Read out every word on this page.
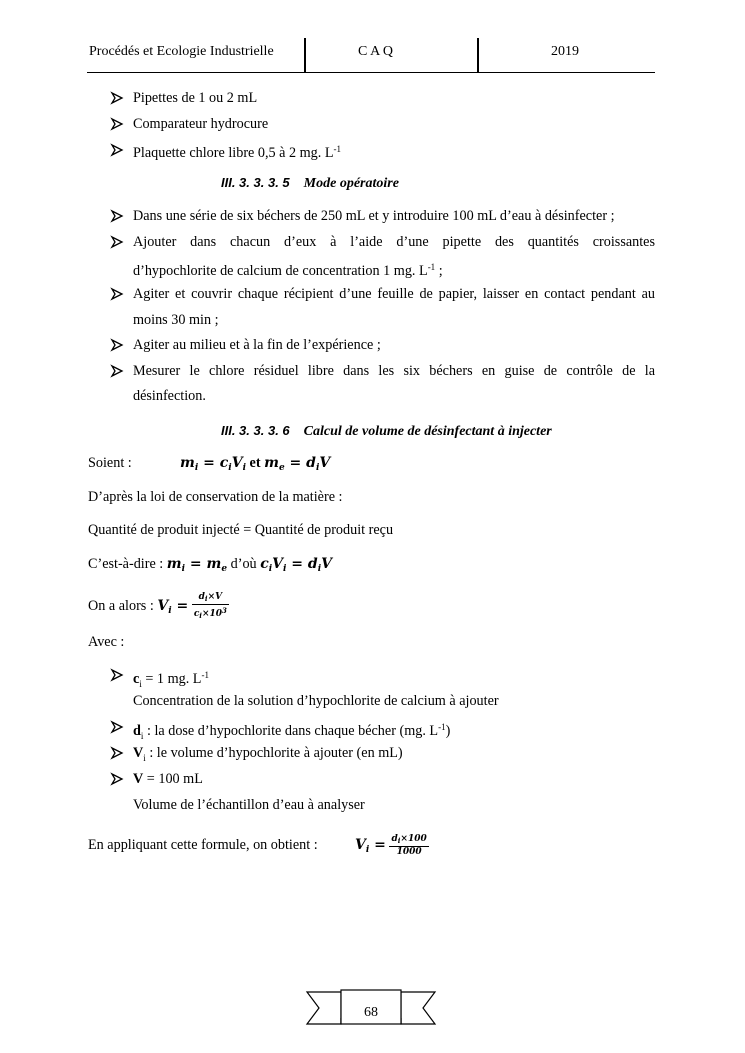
Procédés et Ecologie Industrielle	C A Q	2019
Pipettes de 1 ou 2 mL
Comparateur hydrocure
Plaquette chlore libre 0,5 à 2 mg. $L^{-1}$
III. 3. 3. 3. 5 Mode opératoire
Dans une série de six béchers de 250 mL et y introduire 100 mL d’eau à désinfecter ;
Ajouter dans chacun d’eux à l’aide d’une pipette des quantités croissantes
d’hypochlorite de calcium de concentration 1 mg. $L^{-1}$ ;
Agiter et couvrir chaque récipient d’une feuille de papier, laisser en contact pendant au
moins 30 min ;
Agiter au milieu et à la fin de l’expérience ;
Mesurer le chlore résiduel libre dans les six béchers en guise de contrôle de la
désinfection.
III. 3. 3. 3. 6 Calcul de volume de désinfectant à injecter
Soient :	$m_i = c_iV_i$ et $m_e = d_iV$
D’après la loi de conservation de la matière :
Quantité de produit injecté = Quantité de produit reçu
C’est-à-dire : $m_i = m_e$ d’où $c_iV_i = d_iV$
On a alors : $V_i = \frac{d_i\times V}{c_i\times 10^3}$
Avec :
$c_i = 1$ mg. $L^{-1}$
Concentration de la solution d’hypochlorite de calcium à ajouter
$d_i$ : la dose d’hypochlorite dans chaque bécher (mg. $L^{-1}$)
$V_i$ : le volume d’hypochlorite à ajouter (en mL)
V = 100 mL
Volume de l’échantillon d’eau à analyser
En appliquant cette formule, on obtient :	$V_i = \frac{d_i\times 100}{1000}$
68
